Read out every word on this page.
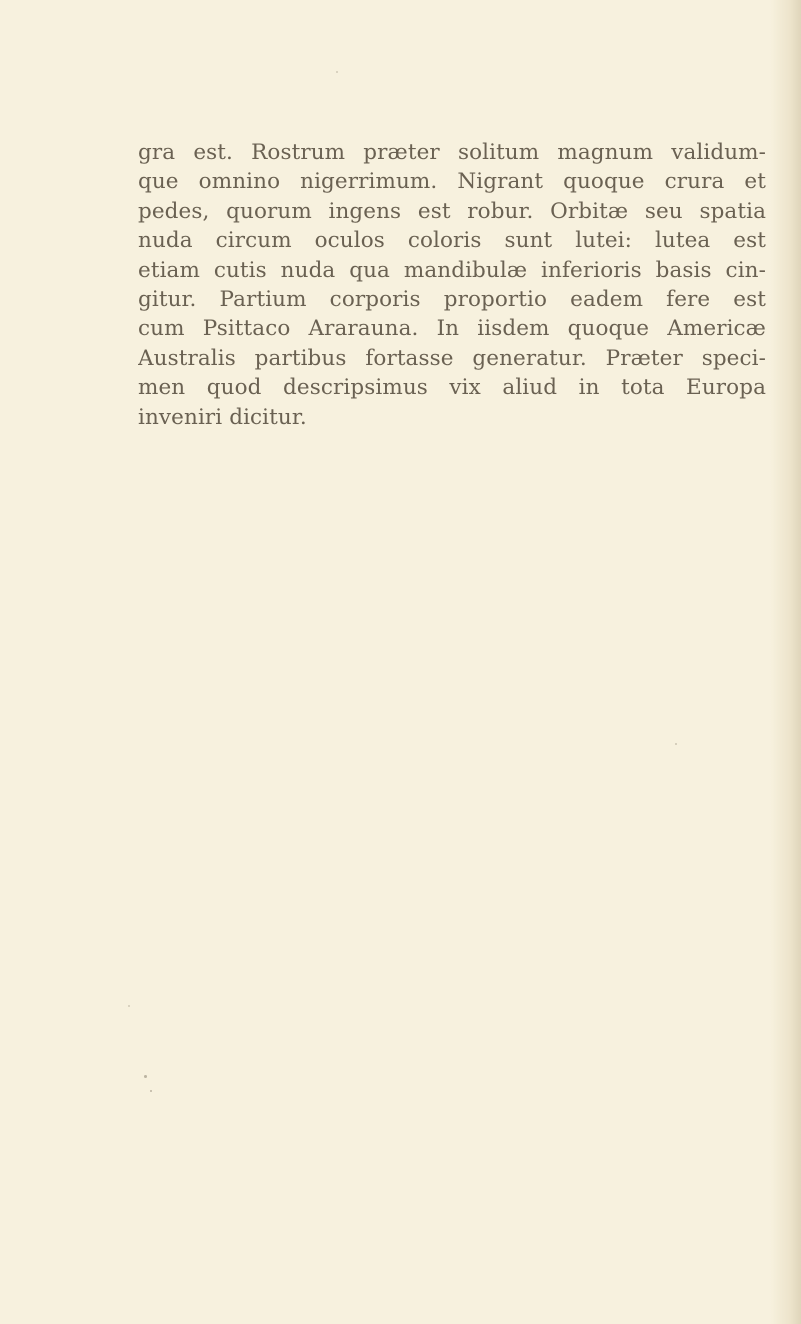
gra est. Rostrum præter solitum magnum validum-
que omnino nigerrimum. Nigrant quoque crura et
pedes, quorum ingens est robur. Orbitæ seu spatia
nuda circum oculos coloris sunt lutei: lutea est
etiam cutis nuda qua mandibulæ inferioris basis cin-
gitur. Partium corporis proportio eadem fere est
cum Psittaco Ararauna. In iisdem quoque Americæ
Australis partibus fortasse generatur. Præter speci-
men quod descripsimus vix aliud in tota Europa
inveniri dicitur.
